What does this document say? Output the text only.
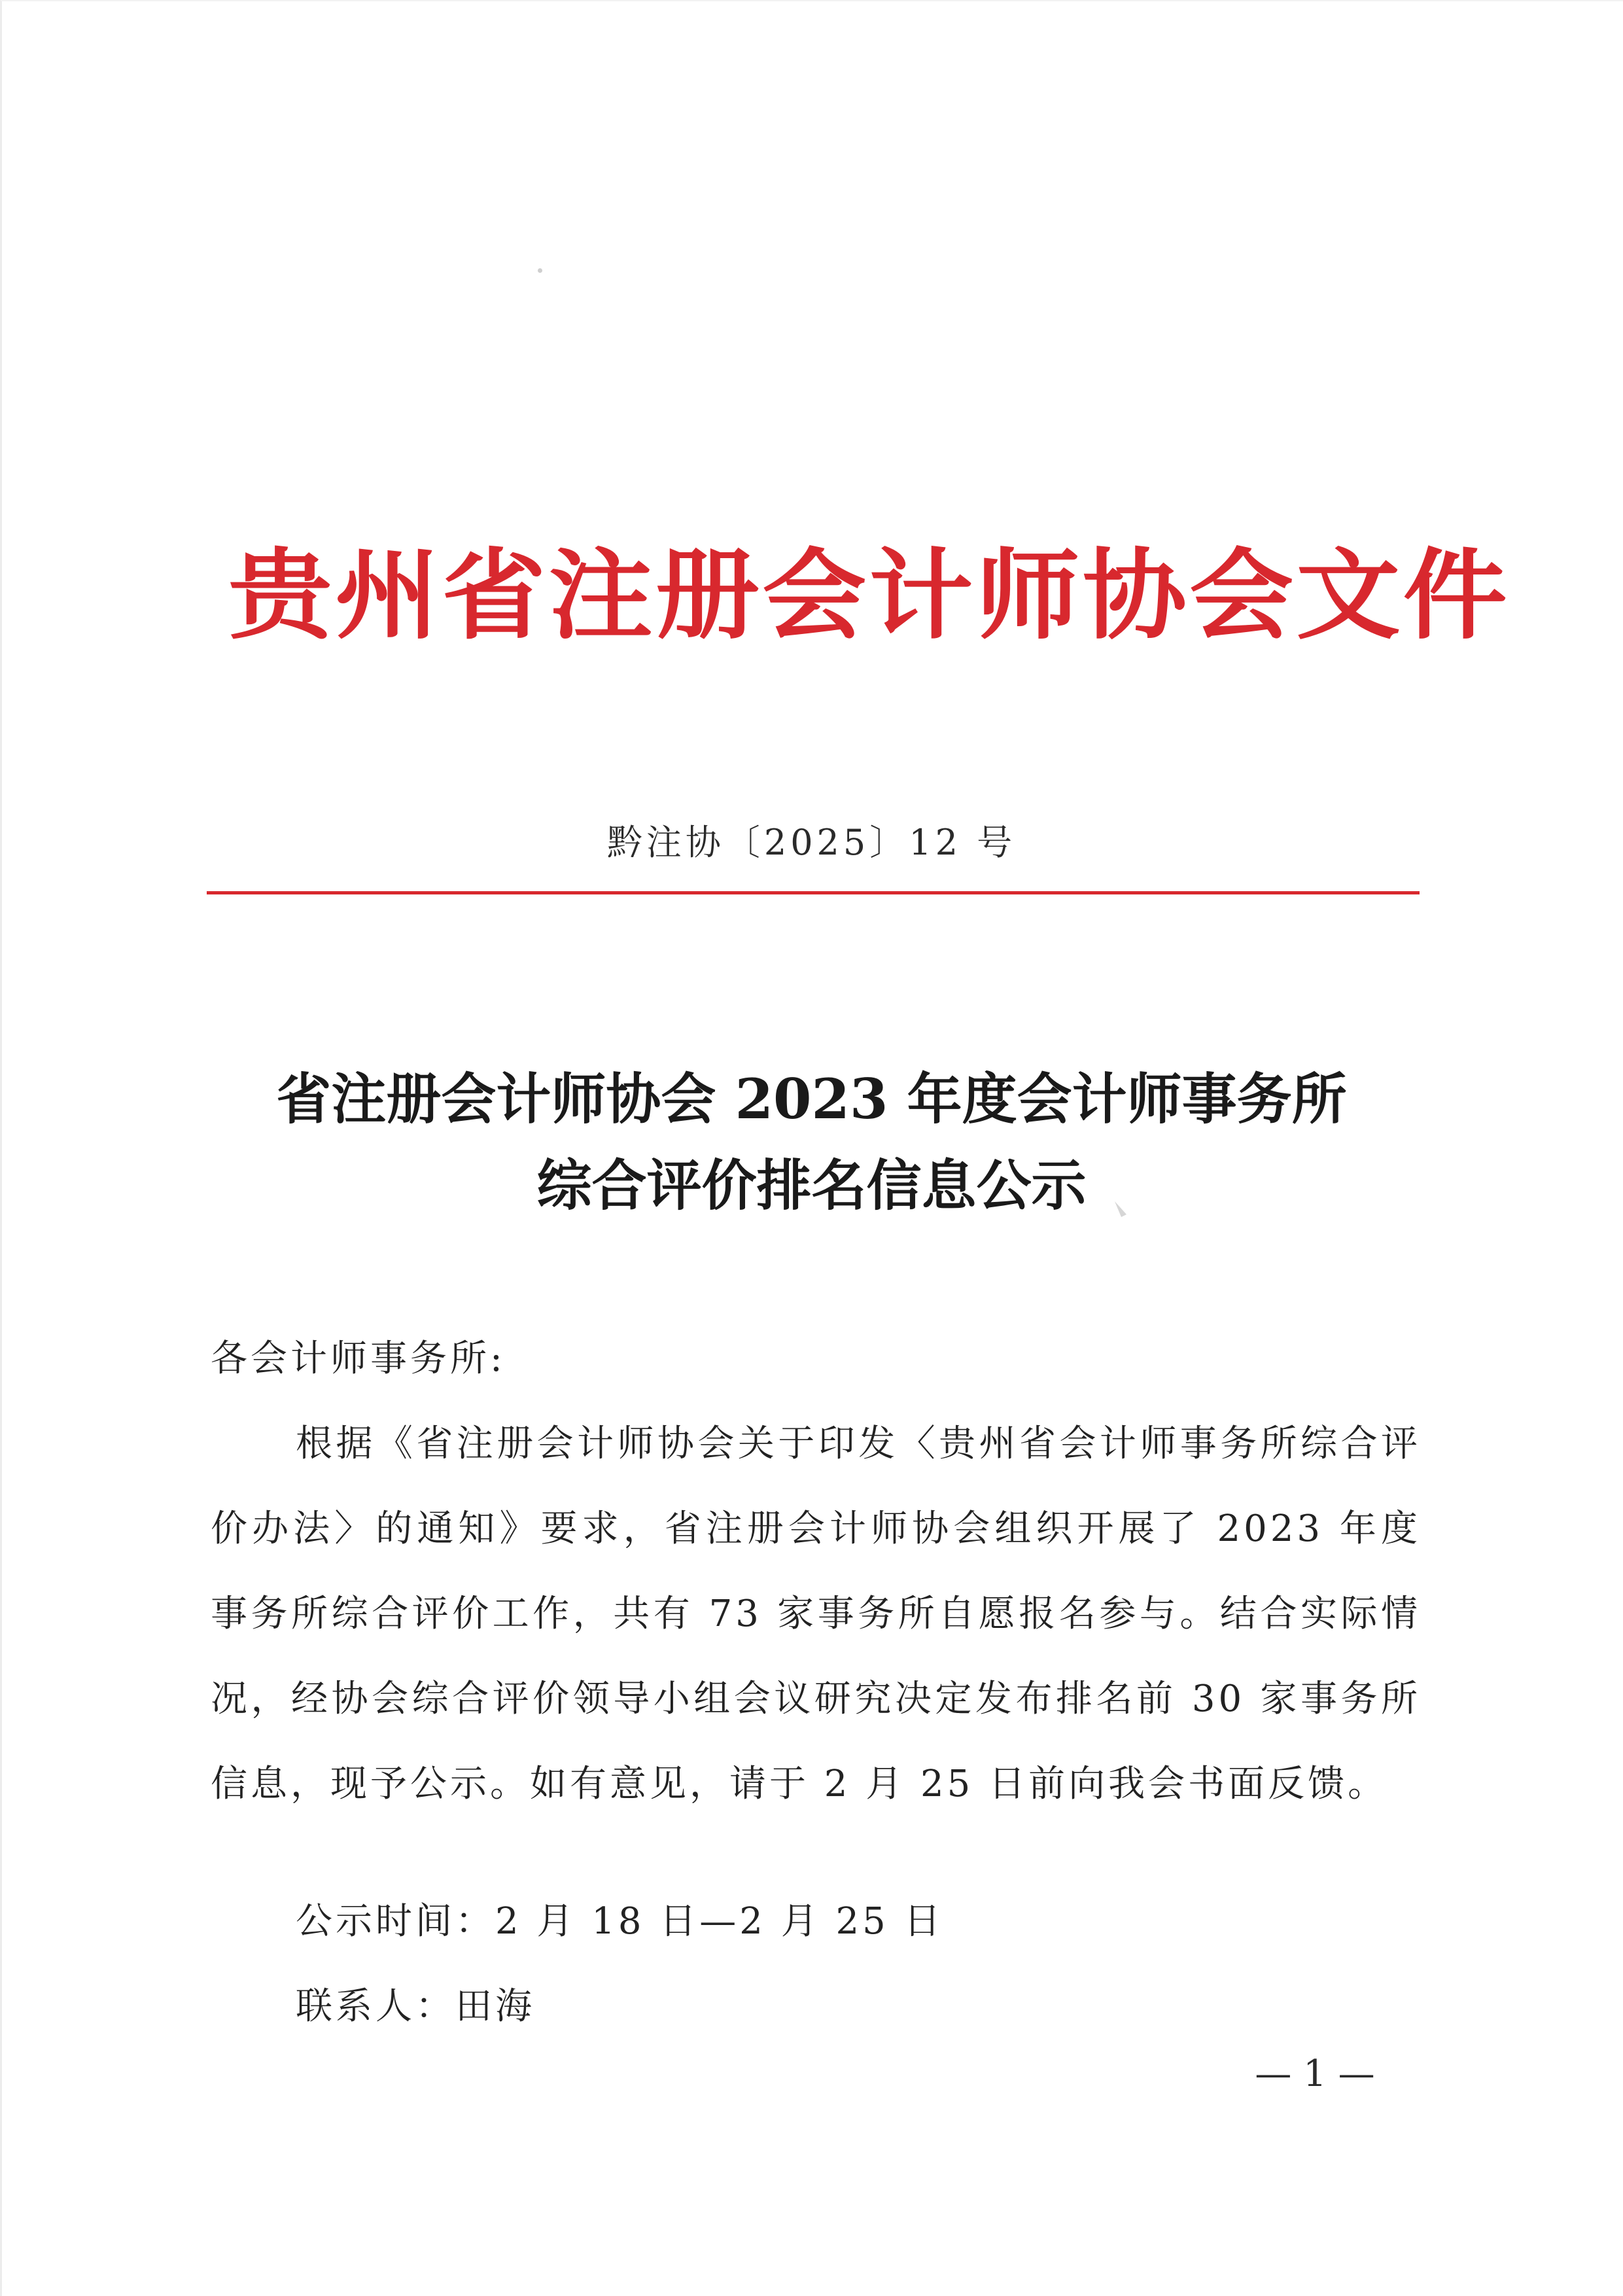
贵州省注册会计师协会文件
黔注协〔2025〕12 号
省注册会计师协会 2023 年度会计师事务所
综合评价排名信息公示
各会计师事务所:
根据《省注册会计师协会关于印发〈贵州省会计师事务所综合评价办法〉的通知》要求，省注册会计师协会组织开展了 2023 年度事务所综合评价工作，共有 73 家事务所自愿报名参与。结合实际情况，经协会综合评价领导小组会议研究决定发布排名前 30 家事务所信息，现予公示。如有意见，请于 2 月 25 日前向我会书面反馈。
公示时间：2 月 18 日—2 月 25 日
联系人：田海
— 1 —
